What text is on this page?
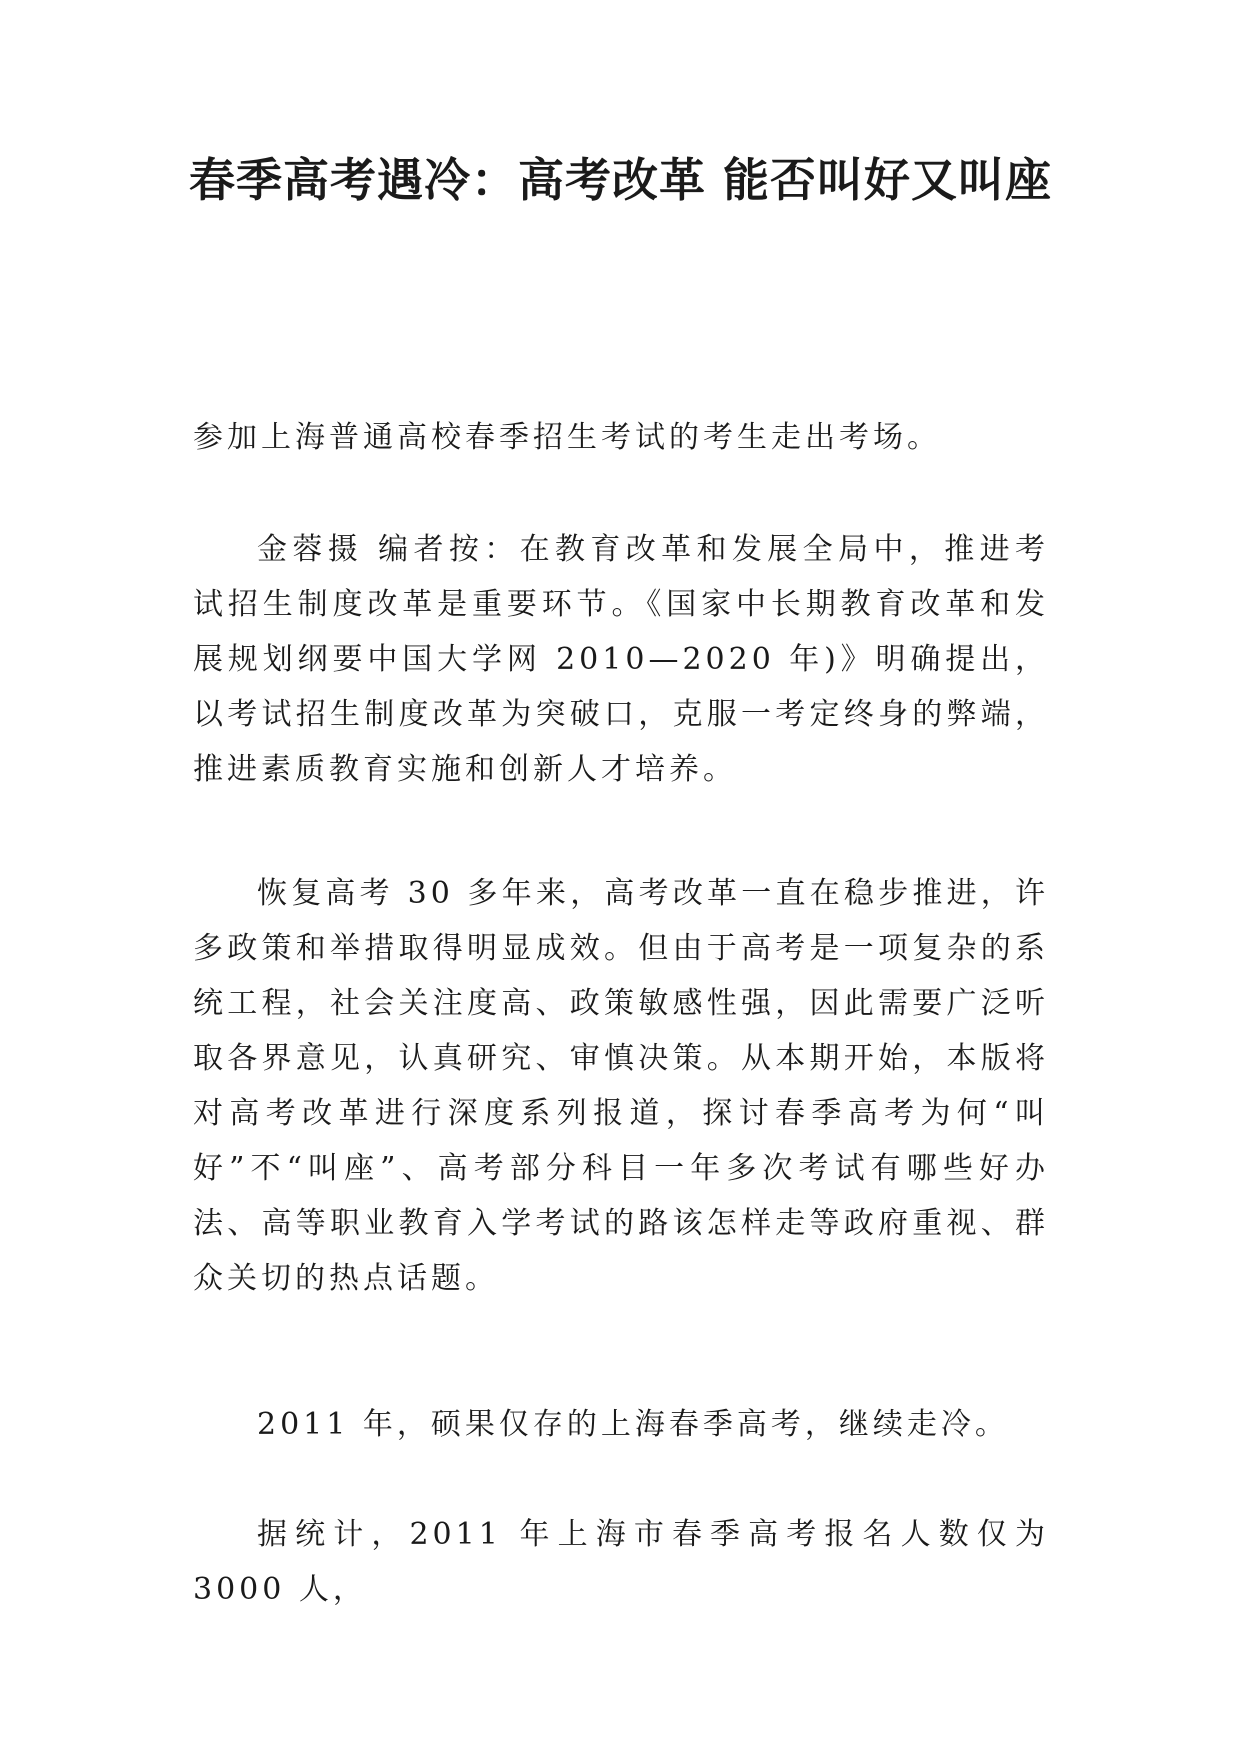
春季高考遇冷：高考改革 能否叫好又叫座

参加上海普通高校春季招生考试的考生走出考场。

金蓉摄 编者按：在教育改革和发展全局中，推进考试招生制度改革是重要环节。《国家中长期教育改革和发展规划纲要中国大学网 2010—2020 年)》明确提出，以考试招生制度改革为突破口，克服一考定终身的弊端，推进素质教育实施和创新人才培养。

恢复高考 30 多年来，高考改革一直在稳步推进，许多政策和举措取得明显成效。但由于高考是一项复杂的系统工程，社会关注度高、政策敏感性强，因此需要广泛听取各界意见，认真研究、审慎决策。从本期开始，本版将对高考改革进行深度系列报道，探讨春季高考为何“叫好”不“叫座”、高考部分科目一年多次考试有哪些好办法、高等职业教育入学考试的路该怎样走等政府重视、群众关切的热点话题。

2011 年，硕果仅存的上海春季高考，继续走冷。

据统计，2011 年上海市春季高考报名人数仅为 3000 人，
